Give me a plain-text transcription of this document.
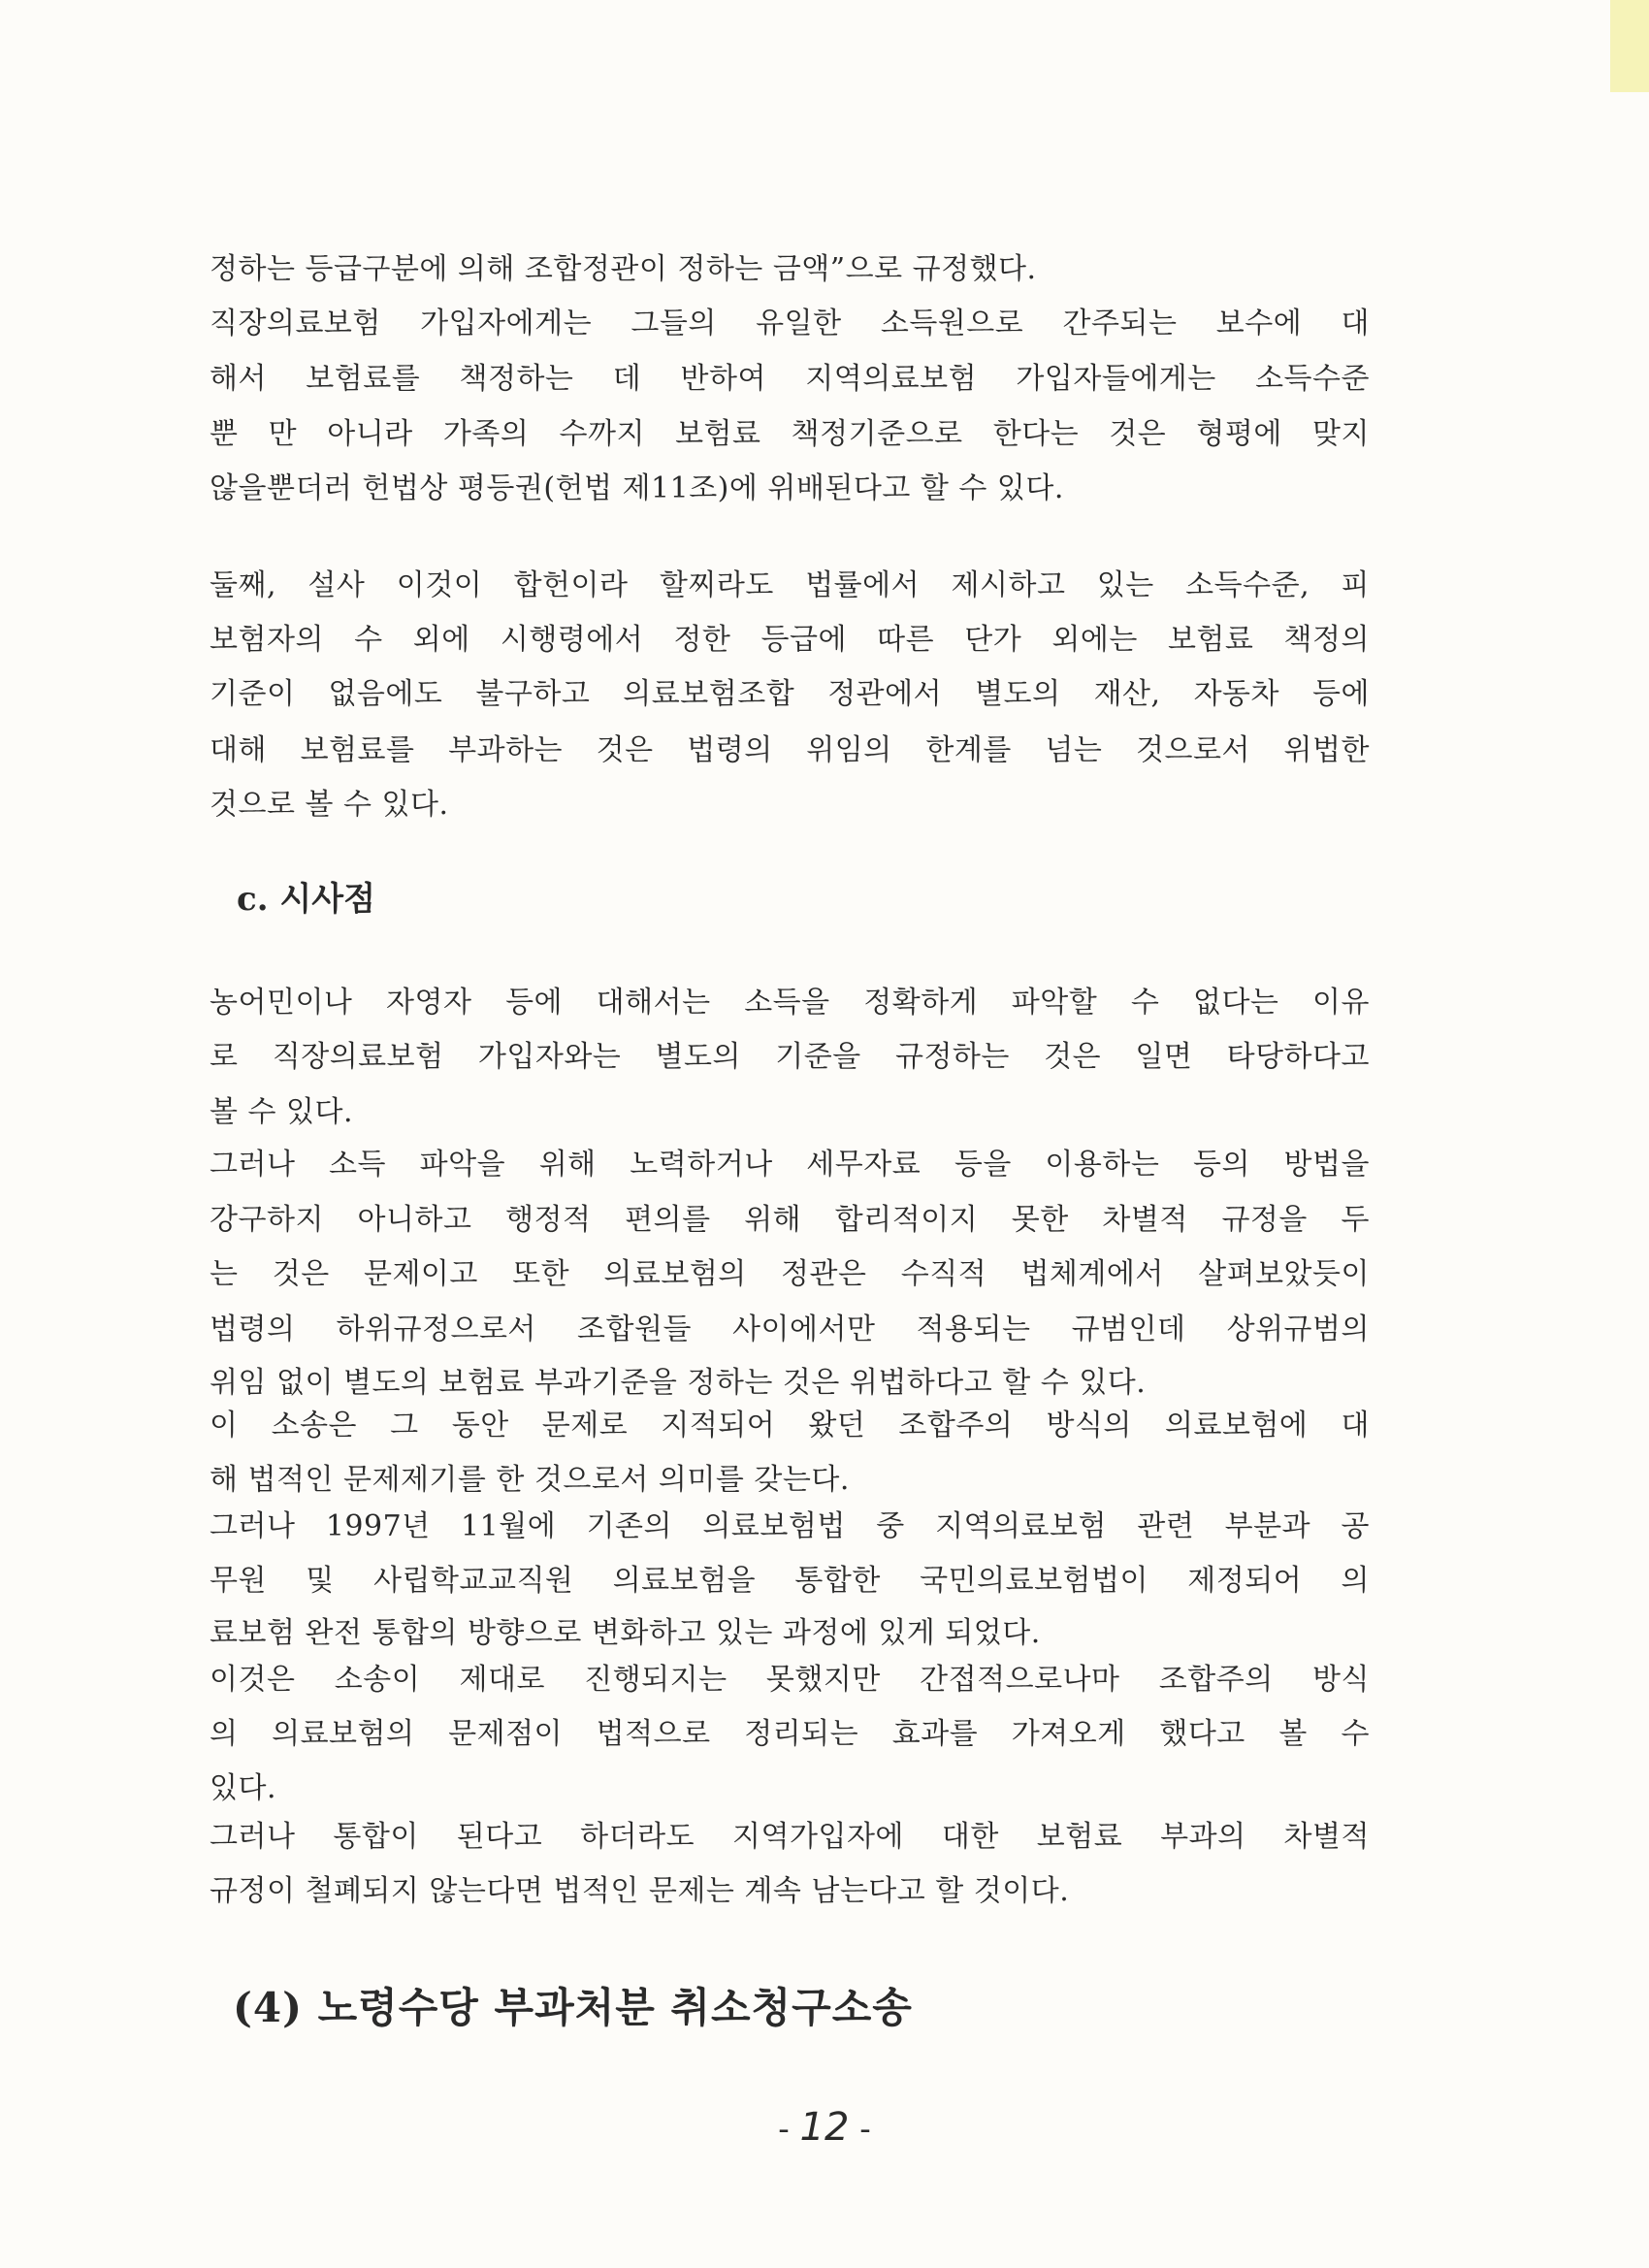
정하는 등급구분에 의해 조합정관이 정하는 금액”으로 규정했다.
직장의료보험 가입자에게는 그들의 유일한 소득원으로 간주되는 보수에 대
해서 보험료를 책정하는 데 반하여 지역의료보험 가입자들에게는 소득수준
뿐 만 아니라 가족의 수까지 보험료 책정기준으로 한다는 것은 형평에 맞지
않을뿐더러 헌법상 평등권(헌법 제11조)에 위배된다고 할 수 있다.
둘째, 설사 이것이 합헌이라 할찌라도 법률에서 제시하고 있는 소득수준, 피
보험자의 수 외에 시행령에서 정한 등급에 따른 단가 외에는 보험료 책정의
기준이 없음에도 불구하고 의료보험조합 정관에서 별도의 재산, 자동차 등에
대해 보험료를 부과하는 것은 법령의 위임의 한계를 넘는 것으로서 위법한
것으로 볼 수 있다.
c. 시사점
농어민이나 자영자 등에 대해서는 소득을 정확하게 파악할 수 없다는 이유
로 직장의료보험 가입자와는 별도의 기준을 규정하는 것은 일면 타당하다고
볼 수 있다.
그러나 소득 파악을 위해 노력하거나 세무자료 등을 이용하는 등의 방법을
강구하지 아니하고 행정적 편의를 위해 합리적이지 못한 차별적 규정을 두
는 것은 문제이고 또한 의료보험의 정관은 수직적 법체계에서 살펴보았듯이
법령의 하위규정으로서 조합원들 사이에서만 적용되는 규범인데 상위규범의
위임 없이 별도의 보험료 부과기준을 정하는 것은 위법하다고 할 수 있다.
이 소송은 그 동안 문제로 지적되어 왔던 조합주의 방식의 의료보험에 대
해 법적인 문제제기를 한 것으로서 의미를 갖는다.
그러나 1997년 11월에 기존의 의료보험법 중 지역의료보험 관련 부분과 공
무원 및 사립학교교직원 의료보험을 통합한 국민의료보험법이 제정되어 의
료보험 완전 통합의 방향으로 변화하고 있는 과정에 있게 되었다.
이것은 소송이 제대로 진행되지는 못했지만 간접적으로나마 조합주의 방식
의 의료보험의 문제점이 법적으로 정리되는 효과를 가져오게 했다고 볼 수
있다.
그러나 통합이 된다고 하더라도 지역가입자에 대한 보험료 부과의 차별적
규정이 철폐되지 않는다면 법적인 문제는 계속 남는다고 할 것이다.
(4) 노령수당 부과처분 취소청구소송
- 12 -
